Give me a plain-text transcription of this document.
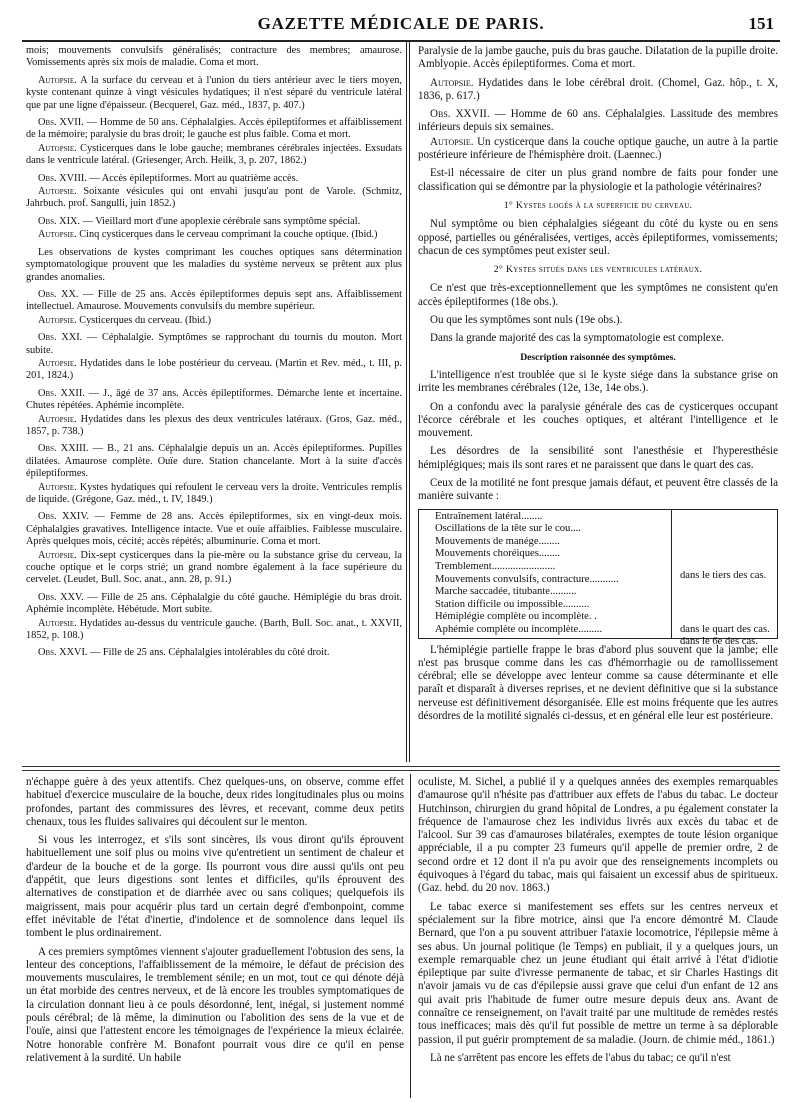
GAZETTE MÉDICALE DE PARIS.	151

mois; mouvements convulsifs généralisés; contracture des membres; amaurose. Vomissements après six mois de maladie. Coma et mort.

Autopsie. A la surface du cerveau et à l'union du tiers antérieur avec le tiers moyen, kyste contenant quinze à vingt vésicules hydatiques; il n'est séparé du ventricule latéral que par une ligne d'épaisseur. (Becquerel, Gaz. méd., 1837, p. 407.)

Obs. XVII. — Homme de 50 ans. Céphalalgies. Accès épileptiformes et affaiblissement de la mémoire; paralysie du bras droit; le gauche est plus faible. Coma et mort.

Autopsie. Cysticerques dans le lobe gauche; membranes cérébrales injectées. Exsudats dans le ventricule latéral. (Griesenger, Arch. Heilk, 3, p. 207, 1862.)

Obs. XVIII. — Accès épileptiformes. Mort au quatrième accès.

Autopsie. Soixante vésicules qui ont envahi jusqu'au pont de Varole. (Schmitz, Jahrbuch. prof. Sangulli, juin 1852.)

Obs. XIX. — Vieillard mort d'une apoplexie cérébrale sans symptôme spécial.

Autopsie. Cinq cysticerques dans le cerveau comprimant la couche optique. (Ibid.)

Les observations de kystes comprimant les couches optiques sans détermination symptomatologique prouvent que les maladies du système nerveux se prêtent aux plus grandes anomalies.

Obs. XX. — Fille de 25 ans. Accès épileptiformes depuis sept ans. Affaiblissement intellectuel. Amaurose. Mouvements convulsifs du membre supérieur.

Autopsie. Cysticerques du cerveau. (Ibid.)

Obs. XXI. — Céphalalgie. Symptômes se rapprochant du tournis du mouton. Mort subite.

Autopsie. Hydatides dans le lobe postérieur du cerveau. (Martin et Rev. méd., t. III, p. 201, 1824.)

Obs. XXII. — J., âgé de 37 ans. Accès épileptiformes. Démarche lente et incertaine. Chutes répétées. Aphémie incomplète.

Autopsie. Hydatides dans les plexus des deux ventricules latéraux. (Gros, Gaz. méd., 1857, p. 738.)

Obs. XXIII. — B., 21 ans. Céphalalgie depuis un an. Accès épileptiformes. Pupilles dilatées. Amaurose complète. Ouïe dure. Station chancelante. Mort à la suite d'accès épileptiformes.

Autopsie. Kystes hydatiques qui refoulent le cerveau vers la droite. Ventricules remplis de liquide. (Grégone, Gaz. méd., t. IV, 1849.)

Obs. XXIV. — Femme de 28 ans. Accès épileptiformes, six en vingt-deux mois. Céphalalgies gravatives. Intelligence intacte. Vue et ouïe affaiblies. Faiblesse musculaire. Après quelques mois, cécité; accès répétés; albuminurie. Coma et mort.

Autopsie. Dix-sept cysticerques dans la pie-mère ou la substance grise du cerveau, la couche optique et le corps strié; un grand nombre également à la face supérieure du cervelet. (Leudet, Bull. Soc. anat., ann. 28, p. 91.)

Obs. XXV. — Fille de 25 ans. Céphalalgie du côté gauche. Hémiplégie du bras droit. Aphémie incomplète. Hébétude. Mort subite.

Autopsie. Hydatides au-dessus du ventricule gauche. (Barth, Bull. Soc. anat., t. XXVII, 1852, p. 108.)

Obs. XXVI. — Fille de 25 ans. Céphalalgies intolérables du côté droit.

Paralysie de la jambe gauche, puis du bras gauche. Dilatation de la pupille droite. Amblyopie. Accès épileptiformes. Coma et mort.

Autopsie. Hydatides dans le lobe cérébral droit. (Chomel, Gaz. hôp., t. X, 1836, p. 617.)

Obs. XXVII. — Homme de 60 ans. Céphalalgies. Lassitude des membres inférieurs depuis six semaines.

Autopsie. Un cysticerque dans la couche optique gauche, un autre à la partie postérieure inférieure de l'hémisphère droit. (Laennec.)

Est-il nécessaire de citer un plus grand nombre de faits pour fonder une classification qui se démontre par la physiologie et la pathologie vétérinaires?

1° Kystes logés à la superficie du cerveau.

Nul symptôme ou bien céphalalgies siégeant du côté du kyste ou en sens opposé, partielles ou généralisées, vertiges, accès épileptiformes, vomissements; chacun de ces symptômes peut exister seul.

2° Kystes situés dans les ventricules latéraux.

Ce n'est que très-exceptionnellement que les symptômes ne consistent qu'en accès épileptiformes (18e obs.).

Ou que les symptômes sont nuls (19e obs.).

Dans la grande majorité des cas la symptomatologie est complexe.

Description raisonnée des symptômes.

L'intelligence n'est troublée que si le kyste siége dans la substance grise on irrite les membranes cérébrales (12e, 13e, 14e obs.).

On a confondu avec la paralysie générale des cas de cysticerques occupant l'écorce cérébrale et les couches optiques, et altérant l'intelligence et le mouvement.

Les désordres de la sensibilité sont l'anesthésie et l'hyperesthésie hémiplégiques; mais ils sont rares et ne paraissent que dans le quart des cas.

Ceux de la motilité ne font presque jamais défaut, et peuvent être classés de la manière suivante :

Entraînement latéral........
Oscillations de la tête sur le cou....
Mouvements de manége........
Mouvements choréiques........
Tremblement........................
Mouvements convulsifs, contracture...........
Marche saccadée, titubante..........
Station difficile ou impossible..........
Hémiplégie complète ou incomplète. .
Aphémie complète ou incomplète.........
dans le tiers des cas.
dans le quart des cas.
dans le 6e des cas.

L'hémiplégie partielle frappe le bras d'abord plus souvent que la jambe; elle n'est pas brusque comme dans les cas d'hémorrhagie ou de ramollissement cérébral; elle se développe avec lenteur comme sa cause déterminante et elle paraît et disparaît à diverses reprises, et ne devient définitive que si la substance nerveuse est définitivement désorganisée. Elle est moins fréquente que les autres désordres de la motilité signalés ci-dessus, et en général elle leur est postérieure.

n'échappe guère à des yeux attentifs. Chez quelques-uns, on observe, comme effet habituel d'exercice musculaire de la bouche, deux rides longitudinales plus ou moins profondes, partant des commissures des lèvres, et recevant, comme deux petits chenaux, tous les fluides salivaires qui découlent sur le menton.

Si vous les interrogez, et s'ils sont sincères, ils vous diront qu'ils éprouvent habituellement une soif plus ou moins vive qu'entretient un sentiment de chaleur et d'ardeur de la bouche et de la gorge. Ils pourront vous dire aussi qu'ils ont peu d'appétit, que leurs digestions sont lentes et difficiles, qu'ils éprouvent des alternatives de constipation et de diarrhée avec ou sans coliques; quelquefois ils maigrissent, mais pour acquérir plus tard un certain degré d'embonpoint, comme effet inévitable de l'état d'inertie, d'indolence et de somnolence dans lequel ils tombent le plus ordinairement.

A ces premiers symptômes viennent s'ajouter graduellement l'obtusion des sens, la lenteur des conceptions, l'affaiblissement de la mémoire, le défaut de précision des mouvements musculaires, le tremblement sénile; en un mot, tout ce qui dénote déjà un état morbide des centres nerveux, et de là encore les troubles symptomatiques de la circulation donnant lieu à ce pouls désordonné, lent, inégal, si justement nommé pouls cérébral; de là même, la diminution ou l'abolition des sens de la vue et de l'ouïe, ainsi que l'attestent encore les témoignages de l'expérience la mieux éclairée. Notre honorable confrère M. Bonafont pourrait vous dire ce qu'il en pense relativement à la surdité. Un habile

oculiste, M. Sichel, a publié il y a quelques années des exemples remarquables d'amaurose qu'il n'hésite pas d'attribuer aux effets de l'abus du tabac. Le docteur Hutchinson, chirurgien du grand hôpital de Londres, a pu également constater la fréquence de l'amaurose chez les individus livrés aux excès du tabac et de l'alcool. Sur 39 cas d'amauroses bilatérales, exemptes de toute lésion organique appréciable, il a pu compter 23 fumeurs qu'il appelle de premier ordre, 2 de second ordre et 12 dont il n'a pu avoir que des renseignements incomplets ou équivoques à l'égard du tabac, mais qui faisaient un excessif abus de spiritueux. (Gaz. hebd. du 20 nov. 1863.)

Le tabac exerce si manifestement ses effets sur les centres nerveux et spécialement sur la fibre motrice, ainsi que l'a encore démontré M. Claude Bernard, que l'on a pu souvent attribuer l'ataxie locomotrice, l'épilepsie même à ses abus. Un journal politique (le Temps) en publiait, il y a quelques jours, un exemple remarquable chez un jeune étudiant qui était arrivé à l'état d'idiotie épileptique par suite d'ivresse permanente de tabac, et sir Charles Hastings dit n'avoir jamais vu de cas d'épilepsie aussi grave que celui d'un enfant de 12 ans qui avait pris l'habitude de fumer outre mesure depuis deux ans. Avant de connaître ce renseignement, on l'avait traité par une multitude de remèdes restés tous inefficaces; mais dès qu'il fut possible de mettre un terme à sa déplorable passion, il put guérir promptement de sa maladie. (Journ. de chimie méd., 1861.)

Là ne s'arrêtent pas encore les effets de l'abus du tabac; ce qu'il n'est
